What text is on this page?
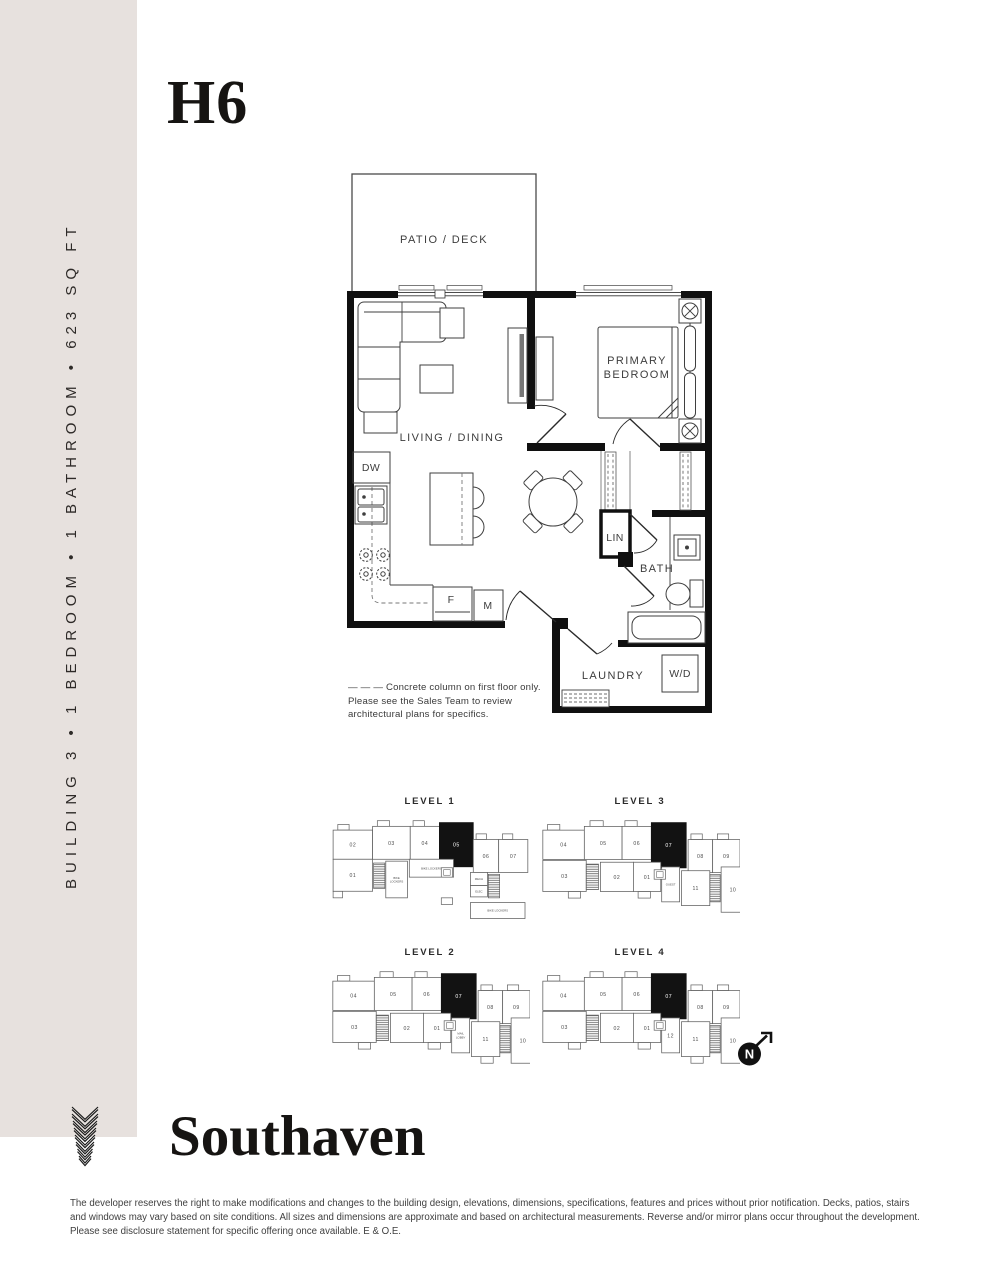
BUILDING 3 • 1 BEDROOM • 1 BATHROOM • 623 SQ FT
H6
PATIO / DECK
LIVING / DINING
PRIMARY
BEDROOM
DW
F	M
LIN
BATH
LAUNDRY W/D
— — — Concrete column on first floor only.
Please see the Sales Team to review
architectural plans for specifics.
LEVEL 1
02	03	04	05
06	07
01	BIKE
LOCKERS
BIKE LOCKERS
MECH
ELEC
BIKE LOCKERS
LEVEL 3
04	05	06	07
08	09
03	02	01
GUEST
11	10
LEVEL 2
04	05	06	07
08	09
03	02	01
MAIL
LOBBY	11	10
LEVEL 4
04	05	06	07
08	09
03	02	01
12
11	10
N
Southaven
The developer reserves the right to make modifications and changes to the building design, elevations, dimensions, specifications, features and prices without prior notification. Decks, patios, stairs and windows may vary based on site conditions. All sizes and dimensions are approximate and based on architectural measurements. Reverse and/or mirror plans occur throughout the development. Please see disclosure statement for specific offering once available. E & O.E.
